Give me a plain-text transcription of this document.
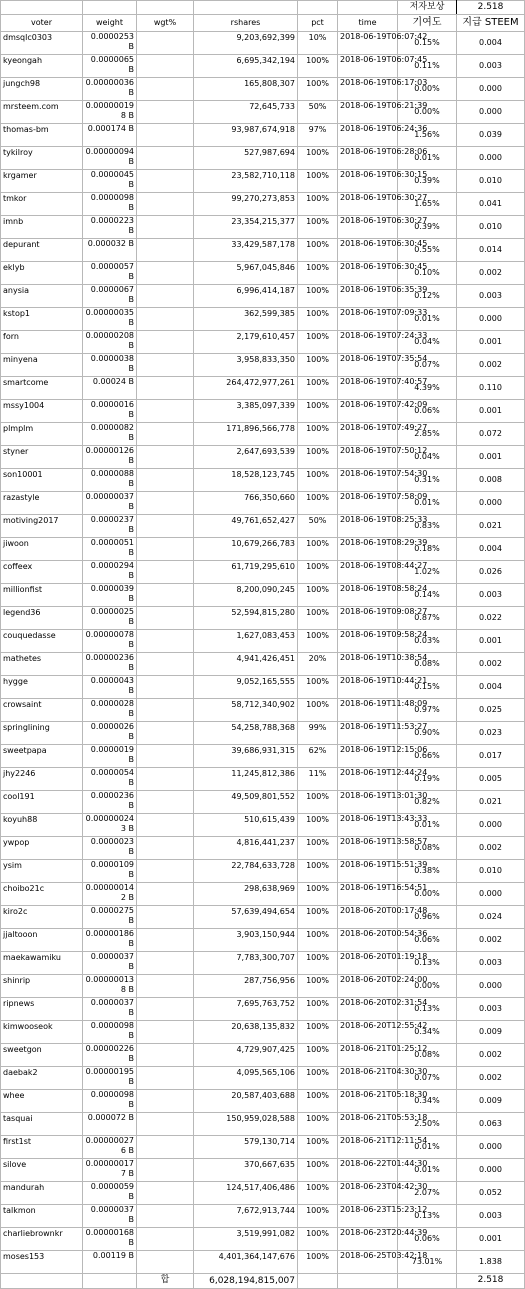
						저자보상	2.518
voter	weight	wgt%	rshares	pct	time	기여도	지급 STEEM
dmsqlc0303	0.0000253 B		9,203,692,399	10%	2018-06-19T06:07:42	0.15%	0.004
kyeongah	0.0000065 B		6,695,342,194	100%	2018-06-19T06:07:45	0.11%	0.003
jungch98	0.00000036 B		165,808,307	100%	2018-06-19T06:17:03	0.00%	0.000
mrsteem.com	0.00000019 8 B		72,645,733	50%	2018-06-19T06:21:39	0.00%	0.000
thomas-bm	0.000174 B		93,987,674,918	97%	2018-06-19T06:24:36	1.56%	0.039
tykilroy	0.00000094 B		527,987,694	100%	2018-06-19T06:28:06	0.01%	0.000
krgamer	0.0000045 B		23,582,710,118	100%	2018-06-19T06:30:15	0.39%	0.010
tmkor	0.0000098 B		99,270,273,853	100%	2018-06-19T06:30:27	1.65%	0.041
imnb	0.0000223 B		23,354,215,377	100%	2018-06-19T06:30:27	0.39%	0.010
depurant	0.000032 B		33,429,587,178	100%	2018-06-19T06:30:45	0.55%	0.014
eklyb	0.0000057 B		5,967,045,846	100%	2018-06-19T06:30:45	0.10%	0.002
anysia	0.0000067 B		6,996,414,187	100%	2018-06-19T06:35:39	0.12%	0.003
kstop1	0.00000035 B		362,599,385	100%	2018-06-19T07:09:33	0.01%	0.000
forn	0.00000208 B		2,179,610,457	100%	2018-06-19T07:24:33	0.04%	0.001
minyena	0.0000038 B		3,958,833,350	100%	2018-06-19T07:35:54	0.07%	0.002
smartcome	0.00024 B		264,472,977,261	100%	2018-06-19T07:40:57	4.39%	0.110
mssy1004	0.0000016 B		3,385,097,339	100%	2018-06-19T07:42:09	0.06%	0.001
plmplm	0.0000082 B		171,896,566,778	100%	2018-06-19T07:49:27	2.85%	0.072
styner	0.00000126 B		2,647,693,539	100%	2018-06-19T07:50:12	0.04%	0.001
son10001	0.0000088 B		18,528,123,745	100%	2018-06-19T07:54:30	0.31%	0.008
razastyle	0.00000037 B		766,350,660	100%	2018-06-19T07:58:09	0.01%	0.000
motiving2017	0.0000237 B		49,761,652,427	50%	2018-06-19T08:25:33	0.83%	0.021
jiwoon	0.0000051 B		10,679,266,783	100%	2018-06-19T08:29:39	0.18%	0.004
coffeex	0.0000294 B		61,719,295,610	100%	2018-06-19T08:44:27	1.02%	0.026
millionfist	0.0000039 B		8,200,090,245	100%	2018-06-19T08:58:24	0.14%	0.003
legend36	0.0000025 B		52,594,815,280	100%	2018-06-19T09:08:27	0.87%	0.022
couquedasse	0.00000078 B		1,627,083,453	100%	2018-06-19T09:58:24	0.03%	0.001
mathetes	0.00000236 B		4,941,426,451	20%	2018-06-19T10:38:54	0.08%	0.002
hygge	0.0000043 B		9,052,165,555	100%	2018-06-19T10:44:21	0.15%	0.004
crowsaint	0.0000028 B		58,712,340,902	100%	2018-06-19T11:48:09	0.97%	0.025
springlining	0.0000026 B		54,258,788,368	99%	2018-06-19T11:53:27	0.90%	0.023
sweetpapa	0.0000019 B		39,686,931,315	62%	2018-06-19T12:15:06	0.66%	0.017
jhy2246	0.0000054 B		11,245,812,386	11%	2018-06-19T12:44:24	0.19%	0.005
cool191	0.0000236 B		49,509,801,552	100%	2018-06-19T13:01:30	0.82%	0.021
koyuh88	0.00000024 3 B		510,615,439	100%	2018-06-19T13:43:33	0.01%	0.000
ywpop	0.0000023 B		4,816,441,237	100%	2018-06-19T13:58:57	0.08%	0.002
ysim	0.0000109 B		22,784,633,728	100%	2018-06-19T15:51:39	0.38%	0.010
choibo21c	0.00000014 2 B		298,638,969	100%	2018-06-19T16:54:51	0.00%	0.000
kiro2c	0.0000275 B		57,639,494,654	100%	2018-06-20T00:17:48	0.96%	0.024
jjaltooon	0.00000186 B		3,903,150,944	100%	2018-06-20T00:54:36	0.06%	0.002
maekawamiku	0.0000037 B		7,783,300,707	100%	2018-06-20T01:19:18	0.13%	0.003
shinrip	0.00000013 8 B		287,756,956	100%	2018-06-20T02:24:00	0.00%	0.000
ripnews	0.0000037 B		7,695,763,752	100%	2018-06-20T02:31:54	0.13%	0.003
kimwooseok	0.0000098 B		20,638,135,832	100%	2018-06-20T12:55:42	0.34%	0.009
sweetgon	0.00000226 B		4,729,907,425	100%	2018-06-21T01:25:12	0.08%	0.002
daebak2	0.00000195 B		4,095,565,106	100%	2018-06-21T04:30:30	0.07%	0.002
whee	0.0000098 B		20,587,403,688	100%	2018-06-21T05:18:30	0.34%	0.009
tasquai	0.000072 B		150,959,028,588	100%	2018-06-21T05:53:18	2.50%	0.063
first1st	0.00000027 6 B		579,130,714	100%	2018-06-21T12:11:54	0.01%	0.000
silove	0.00000017 7 B		370,667,635	100%	2018-06-22T01:44:30	0.01%	0.000
mandurah	0.0000059 B		124,517,406,486	100%	2018-06-23T04:42:30	2.07%	0.052
talkmon	0.0000037 B		7,672,913,744	100%	2018-06-23T15:23:12	0.13%	0.003
charliebrownkr	0.00000168 B		3,519,991,082	100%	2018-06-23T20:44:39	0.06%	0.001
moses153	0.00119 B		4,401,364,147,676	100%	2018-06-25T03:42:18	73.01%	1.838
		합	6,028,194,815,007				2.518
